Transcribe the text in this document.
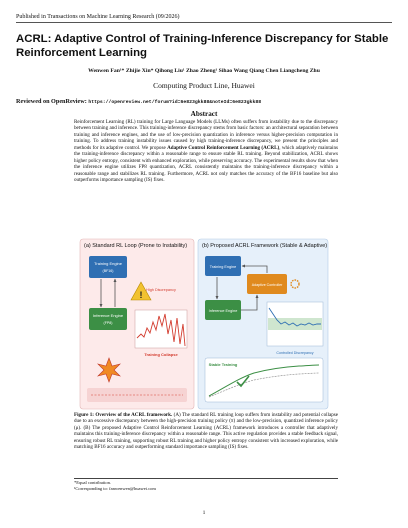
Published in Transactions on Machine Learning Research (09/2026)
ACRL: Adaptive Control of Training-Inference Discrepancy for Stable Reinforcement Learning
Wenwen Fan¹* Zhijie Xin* Qihong Liu¹ Zhao Zheng¹ Sihao Wang Qiang Chen Liangcheng Zhu
Computing Product Line, Huawei
Reviewed on OpenReview: https://openreview.net/forum?id=6e823gkk88&noteId=6e823gkk88
Abstract
Reinforcement Learning (RL) training for Large Language Models (LLMs) often suffers from instability due to the discrepancy between training and inference. This training-inference discrepancy stems from basic factors: an architectural separation between training and inference engines, and the use of low-precision quantization in inference versus higher-precision computation in training. To address training instability issues caused by high training-inference discrepancy, we present the principles and methods for its adaptive control. We propose Adaptive Control Reinforcement Learning (ACRL), which adaptively maintains the training-inference discrepancy within a reasonable range to ensure stable RL training. Beyond stabilization, ACRL shows higher policy entropy, consistent with enhanced exploration, while preserving accuracy. The experimental results show that when the inference engine utilizes FP8 quantization, ACRL consistently maintains the training-inference discrepancy within a reasonable range and stabilizes RL training. Furthermore, ACRL not only matches the accuracy of the BF16 baseline but also outperforms importance sampling (IS) fixes.
(a) Standard RL Loop (Prone to Instability)	(b) Proposed ACRL Framework (Stable & Adaptive)
Training Engine
(BF16)
Inference Engine
(FP8)
! High Discrepancy
Training Collapse
Training Engine
Adaptive Controller
Inference Engine
Controlled Discrepancy
Stable Training
Figure 1: Overview of the ACRL framework. (A) The standard RL training loop suffers from instability and potential collapse due to an excessive discrepancy between the high-precision training policy (π) and the low-precision, quantized inference policy (μ). (B) The proposed Adaptive Control Reinforcement Learning (ACRL) framework introduces a controller that adaptively maintains this training-inference discrepancy within a reasonable range. This active regulation provides a stable feedback signal, ensuring robust RL training, supporting robust RL training and higher policy entropy consistent with increased exploration, while matching BF16 accuracy and outperforming standard importance sampling (IS) fixes.
*Equal contribution.
¹Corresponding to: fanwenwen@huawei.com
1
